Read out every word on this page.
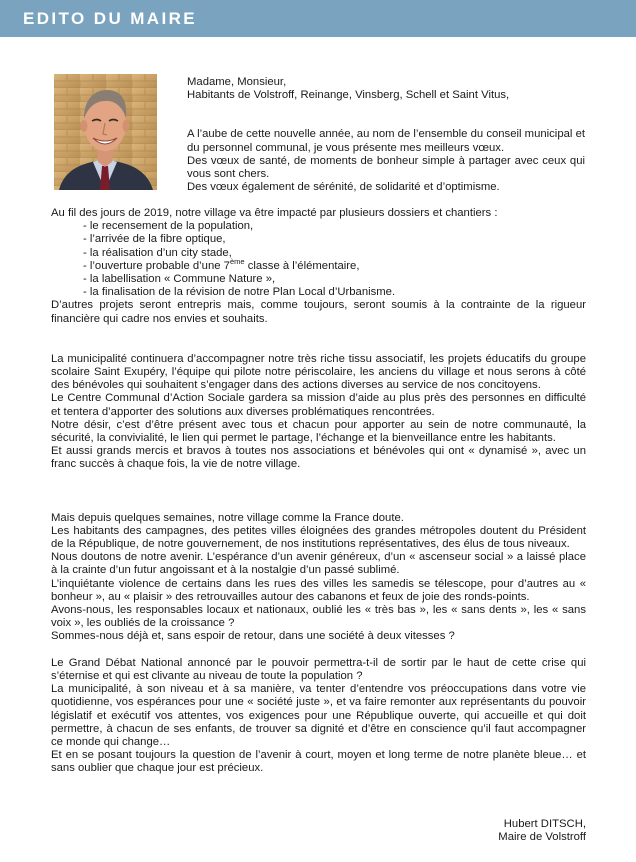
EDITO DU MAIRE

Madame, Monsieur,

Habitants de Volstroff, Reinange, Vinsberg, Schell et Saint Vitus,

A l’aube de cette nouvelle année, au nom de l’ensemble du conseil municipal et du personnel communal, je vous présente mes meilleurs vœux.

Des vœux de santé, de moments de bonheur simple à partager avec ceux qui vous sont chers.

Des vœux également de sérénité, de solidarité et d’optimisme.

Au fil des jours de 2019, notre village va être impacté par plusieurs dossiers et chantiers :

- le recensement de la population,
- l’arrivée de la fibre optique,
- la réalisation d’un city stade,
- l’ouverture probable d’une 7ème classe à l’élémentaire,
- la labellisation « Commune Nature »,
- la finalisation de la révision de notre Plan Local d’Urbanisme.

D’autres projets seront entrepris mais, comme toujours, seront soumis à la contrainte de la rigueur financière qui cadre nos envies et souhaits.

La municipalité continuera d’accompagner notre très riche tissu associatif, les projets éducatifs du groupe scolaire Saint Exupéry, l’équipe qui pilote notre périscolaire, les anciens du village et nous serons à côté des bénévoles qui souhaitent s’engager dans des actions diverses au service de nos concitoyens.

Le Centre Communal d’Action Sociale gardera sa mission d’aide au plus près des personnes en difficulté et tentera d’apporter des solutions aux diverses problématiques rencontrées.

Notre désir, c’est d’être présent avec tous et chacun pour apporter au sein de notre communauté, la sécurité, la convivialité, le lien qui permet le partage, l’échange et la bienveillance entre les habitants.

Et aussi grands mercis et bravos à toutes nos associations et bénévoles qui ont « dynamisé », avec un franc succès à chaque fois, la vie de notre village.

Mais depuis quelques semaines, notre village comme la France doute.

Les habitants des campagnes, des petites villes éloignées des grandes métropoles doutent du Président de la République, de notre gouvernement, de nos institutions représentatives, des élus de tous niveaux.

Nous doutons de notre avenir. L’espérance d’un avenir généreux, d’un « ascenseur social » a laissé place à la crainte d’un futur angoissant et à la nostalgie d’un passé sublimé.

L’inquiétante violence de certains dans les rues des villes les samedis se télescope, pour d’autres au « bonheur », au « plaisir » des retrouvailles autour des cabanons et feux de joie des ronds-points.

Avons-nous, les responsables locaux et nationaux, oublié les « très bas », les « sans dents », les « sans voix », les oubliés de la croissance ?

Sommes-nous déjà et, sans espoir de retour, dans une société à deux vitesses ?

Le Grand Débat National annoncé par le pouvoir permettra-t-il de sortir par le haut de cette crise qui s’éternise et qui est clivante au niveau de toute la population ?

La municipalité, à son niveau et à sa manière, va tenter d’entendre vos préoccupations dans votre vie quotidienne, vos espérances pour une « société juste », et va faire remonter aux représentants du pouvoir législatif et exécutif vos attentes, vos exigences pour une République ouverte, qui accueille et qui doit permettre, à chacun de ses enfants, de trouver sa dignité et d’être en conscience qu’il faut accompagner ce monde qui change…

Et en se posant toujours la question de l’avenir à court, moyen et long terme de notre planète bleue… et sans oublier que chaque jour est précieux.

Hubert DITSCH,
Maire de Volstroff
